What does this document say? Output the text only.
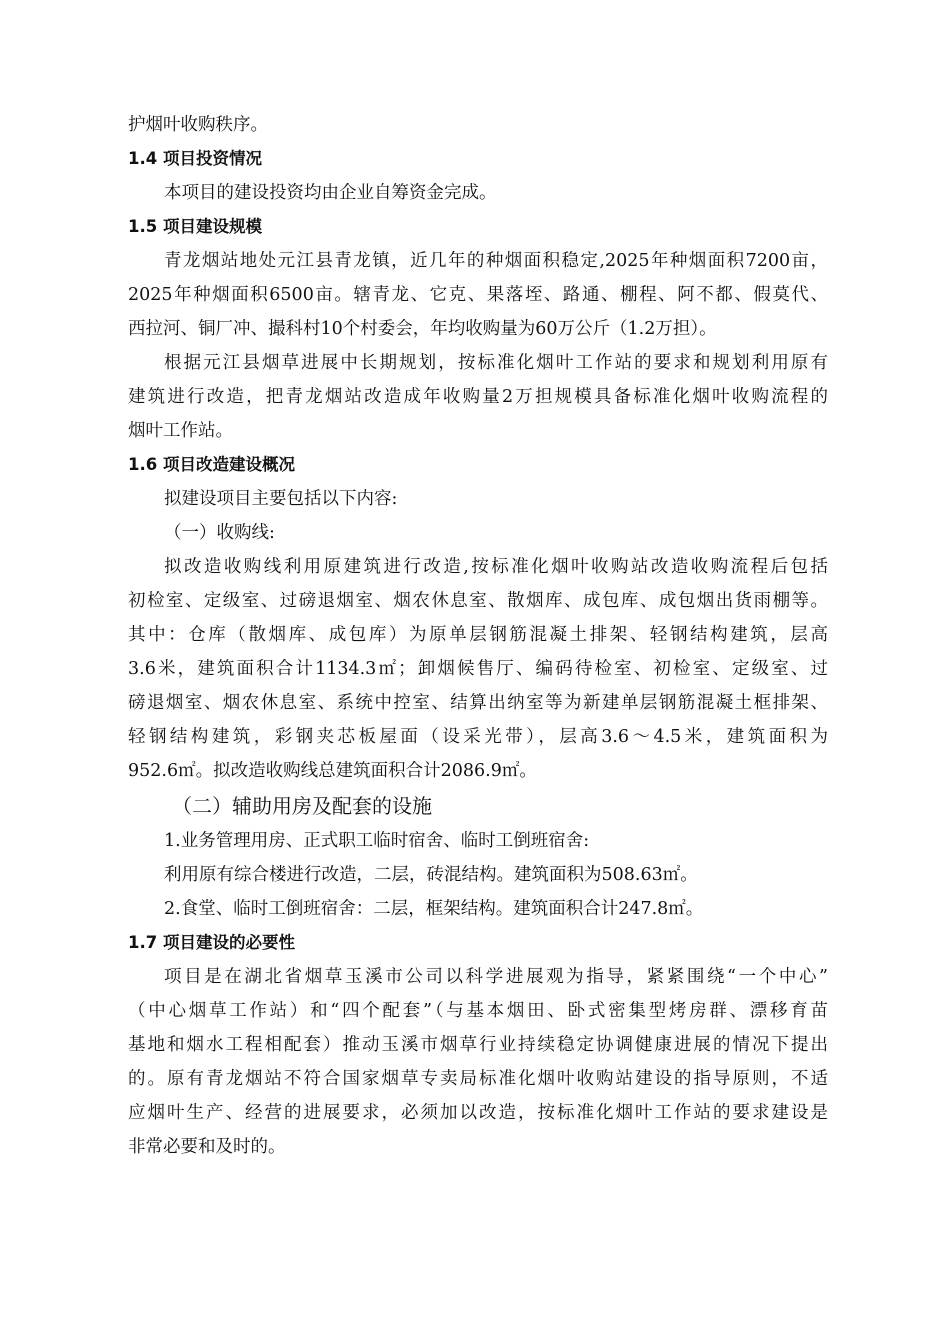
护烟叶收购秩序。

1.4 项目投资情况

本项目的建设投资均由企业自筹资金完成。

1.5 项目建设规模

青龙烟站地处元江县青龙镇，近几年的种烟面积稳定,2025年种烟面积7200亩，

2025年种烟面积6500亩。辖青龙、它克、果落垤、路通、棚程、阿不都、假莫代、

西拉河、铜厂冲、撮科村10个村委会，年均收购量为60万公斤（1.2万担）。

根据元江县烟草进展中长期规划，按标准化烟叶工作站的要求和规划利用原有

建筑进行改造，把青龙烟站改造成年收购量2万担规模具备标准化烟叶收购流程的

烟叶工作站。

1.6 项目改造建设概况

拟建设项目主要包括以下内容:

（一）收购线:

拟改造收购线利用原建筑进行改造,按标准化烟叶收购站改造收购流程后包括

初检室、定级室、过磅退烟室、烟农休息室、散烟库、成包库、成包烟出货雨棚等。

其中：仓库（散烟库、成包库）为原单层钢筋混凝土排架、轻钢结构建筑，层高

3.6米，建筑面积合计1134.3㎡；卸烟候售厅、编码待检室、初检室、定级室、过

磅退烟室、烟农休息室、系统中控室、结算出纳室等为新建单层钢筋混凝土框排架、

轻钢结构建筑，彩钢夹芯板屋面（设采光带），层高3.6～4.5米，建筑面积为

952.6㎡。拟改造收购线总建筑面积合计2086.9㎡。

（二）辅助用房及配套的设施

1.业务管理用房、正式职工临时宿舍、临时工倒班宿舍:

利用原有综合楼进行改造，二层，砖混结构。建筑面积为508.63㎡。

2.食堂、临时工倒班宿舍：二层，框架结构。建筑面积合计247.8㎡。

1.7 项目建设的必要性

项目是在湖北省烟草玉溪市公司以科学进展观为指导，紧紧围绕“一个中心”

（中心烟草工作站）和“四个配套”（与基本烟田、卧式密集型烤房群、漂移育苗

基地和烟水工程相配套）推动玉溪市烟草行业持续稳定协调健康进展的情况下提出

的。原有青龙烟站不符合国家烟草专卖局标准化烟叶收购站建设的指导原则，不适

应烟叶生产、经营的进展要求，必须加以改造，按标准化烟叶工作站的要求建设是

非常必要和及时的。
